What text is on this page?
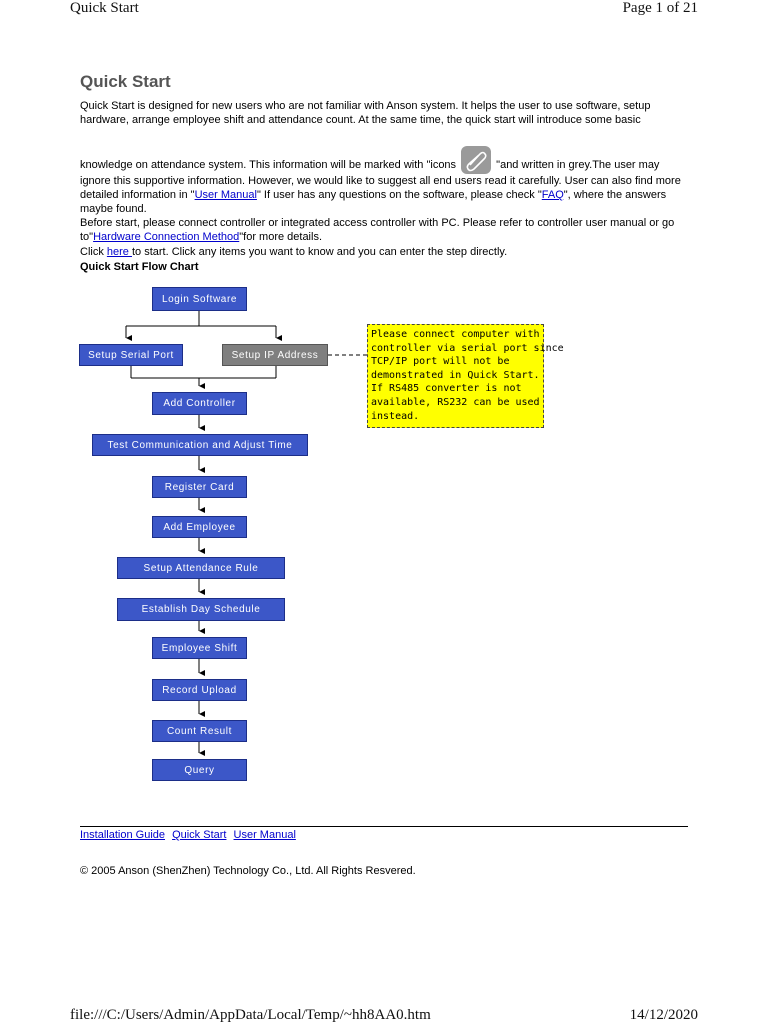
Quick Start	Page 1 of 21
Quick Start
Quick Start is designed for new users who are not familiar with Anson system. It helps the user to use software, setup hardware, arrange employee shift and attendance count. At the same time, the quick start will introduce some basic
knowledge on attendance system. This information will be marked with "icons	"and written in grey.The user may ignore this supportive information. However, we would like to suggest all end users read it carefully. User can also find more detailed information in "User Manual" If user has any questions on the software, please check "FAQ", where the answers maybe found.
Before start, please connect controller or integrated access controller with PC. Please refer to controller user manual or go to"Hardware Connection Method"for more details.
Click here to start. Click any items you want to know and you can enter the step directly.
Quick Start Flow Chart
Login Software
Setup Serial Port	Setup IP Address
Add Controller
Test Communication and Adjust Time
Register Card
Add Employee
Setup Attendance Rule
Establish Day Schedule
Employee Shift
Record Upload
Count Result
Query
Please connect computer with
controller via serial port since
TCP/IP port will not be
demonstrated in Quick Start.
If RS485 converter is not
available, RS232 can be used
instead.
Installation Guide Quick Start User Manual
© 2005 Anson (ShenZhen) Technology Co., Ltd. All Rights Resvered.
file:///C:/Users/Admin/AppData/Local/Temp/~hh8AA0.htm	14/12/2020
